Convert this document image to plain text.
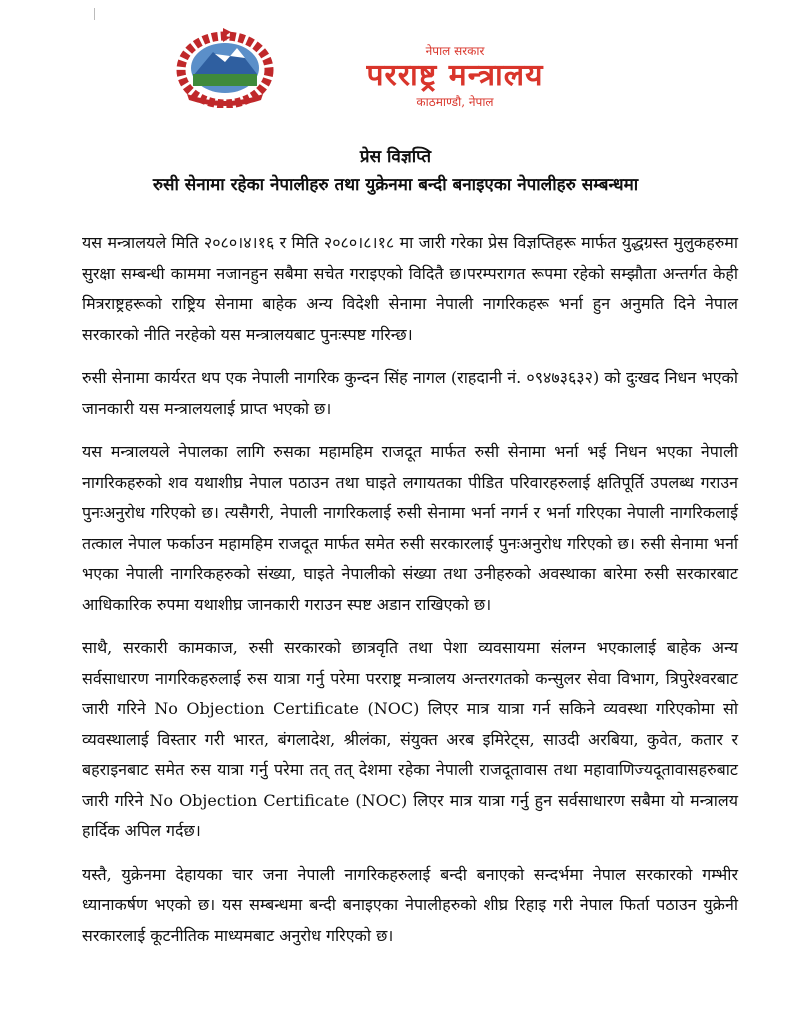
नेपाल सरकार
परराष्ट्र मन्त्रालय
काठमाण्डौ, नेपाल
प्रेस विज्ञप्ति
रुसी सेनामा रहेका नेपालीहरु तथा युक्रेनमा बन्दी बनाइएका नेपालीहरु सम्बन्धमा

यस मन्त्रालयले मिति २०८०।४।१६ र मिति २०८०।८।१८ मा जारी गरेका प्रेस विज्ञप्तिहरू मार्फत युद्धग्रस्त मुलुकहरुमा सुरक्षा सम्बन्धी काममा नजानहुन सबैमा सचेत गराइएको विदितै छ।परम्परागत रूपमा रहेको सम्झौता अन्तर्गत केही मित्रराष्ट्रहरूको राष्ट्रिय सेनामा बाहेक अन्य विदेशी सेनामा नेपाली नागरिकहरू भर्ना हुन अनुमति दिने नेपाल सरकारको नीति नरहेको यस मन्त्रालयबाट पुनःस्पष्ट गरिन्छ।

रुसी सेनामा कार्यरत थप एक नेपाली नागरिक कुन्दन सिंह नागल (राहदानी नं. ०९४७३६३२) को दुःखद निधन भएको जानकारी यस मन्त्रालयलाई प्राप्त भएको छ।

यस मन्त्रालयले नेपालका लागि रुसका महामहिम राजदूत मार्फत रुसी सेनामा भर्ना भई निधन भएका नेपाली नागरिकहरुको शव यथाशीघ्र नेपाल पठाउन तथा घाइते लगायतका पीडित परिवारहरुलाई क्षतिपूर्ति उपलब्ध गराउन पुनःअनुरोध गरिएको छ। त्यसैगरी, नेपाली नागरिकलाई रुसी सेनामा भर्ना नगर्न र भर्ना गरिएका नेपाली नागरिकलाई तत्काल नेपाल फर्काउन महामहिम राजदूत मार्फत समेत रुसी सरकारलाई पुनःअनुरोध गरिएको छ। रुसी सेनामा भर्ना भएका नेपाली नागरिकहरुको संख्या, घाइते नेपालीको संख्या तथा उनीहरुको अवस्थाका बारेमा रुसी सरकारबाट आधिकारिक रुपमा यथाशीघ्र जानकारी गराउन स्पष्ट अडान राखिएको छ।

साथै, सरकारी कामकाज, रुसी सरकारको छात्रवृति तथा पेशा व्यवसायमा संलग्न भएकालाई बाहेक अन्य सर्वसाधारण नागरिकहरुलाई रुस यात्रा गर्नु परेमा परराष्ट्र मन्त्रालय अन्तरगतको कन्सुलर सेवा विभाग, त्रिपुरेश्वरबाट जारी गरिने No Objection Certificate (NOC) लिएर मात्र यात्रा गर्न सकिने व्यवस्था गरिएकोमा सो व्यवस्थालाई विस्तार गरी भारत, बंगलादेश, श्रीलंका, संयुक्त अरब इमिरेट्स, साउदी अरबिया, कुवेत, कतार र बहराइनबाट समेत रुस यात्रा गर्नु परेमा तत् तत् देशमा रहेका नेपाली राजदूतावास तथा महावाणिज्यदूतावासहरुबाट जारी गरिने No Objection Certificate (NOC) लिएर मात्र यात्रा गर्नु हुन सर्वसाधारण सबैमा यो मन्त्रालय हार्दिक अपिल गर्दछ।

यस्तै, युक्रेनमा देहायका चार जना नेपाली नागरिकहरुलाई बन्दी बनाएको सन्दर्भमा नेपाल सरकारको गम्भीर ध्यानाकर्षण भएको छ। यस सम्बन्धमा बन्दी बनाइएका नेपालीहरुको शीघ्र रिहाइ गरी नेपाल फिर्ता पठाउन युक्रेनी सरकारलाई कूटनीतिक माध्यमबाट अनुरोध गरिएको छ।
